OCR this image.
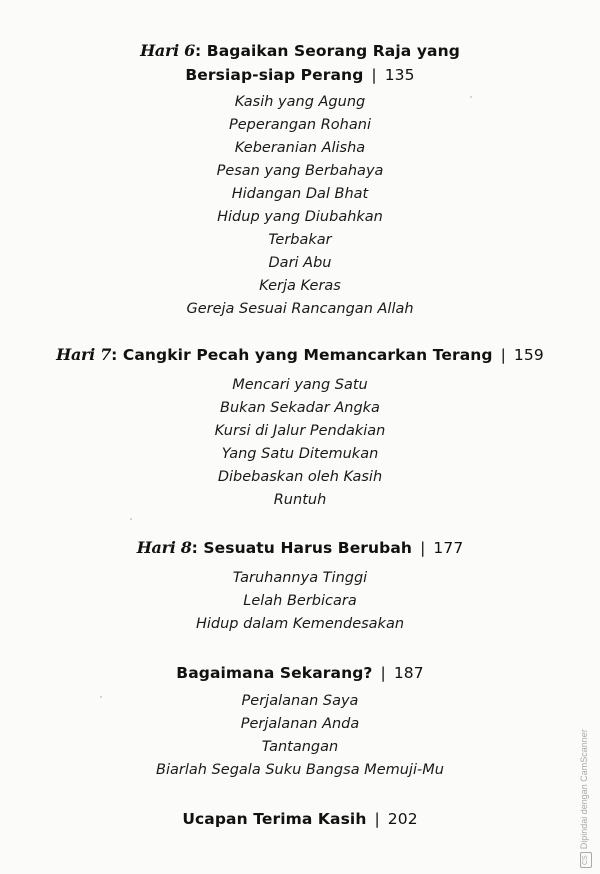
Hari 6: Bagaikan Seorang Raja yang
Bersiap-siap Perang | 135
Kasih yang Agung
Peperangan Rohani
Keberanian Alisha
Pesan yang Berbahaya
Hidangan Dal Bhat
Hidup yang Diubahkan
Terbakar
Dari Abu
Kerja Keras
Gereja Sesuai Rancangan Allah
Hari 7: Cangkir Pecah yang Memancarkan Terang | 159
Mencari yang Satu
Bukan Sekadar Angka
Kursi di Jalur Pendakian
Yang Satu Ditemukan
Dibebaskan oleh Kasih
Runtuh
Hari 8: Sesuatu Harus Berubah | 177
Taruhannya Tinggi
Lelah Berbicara
Hidup dalam Kemendesakan
Bagaimana Sekarang? | 187
Perjalanan Saya
Perjalanan Anda
Tantangan
Biarlah Segala Suku Bangsa Memuji-Mu
Ucapan Terima Kasih | 202
CSDipindai dengan CamScanner
